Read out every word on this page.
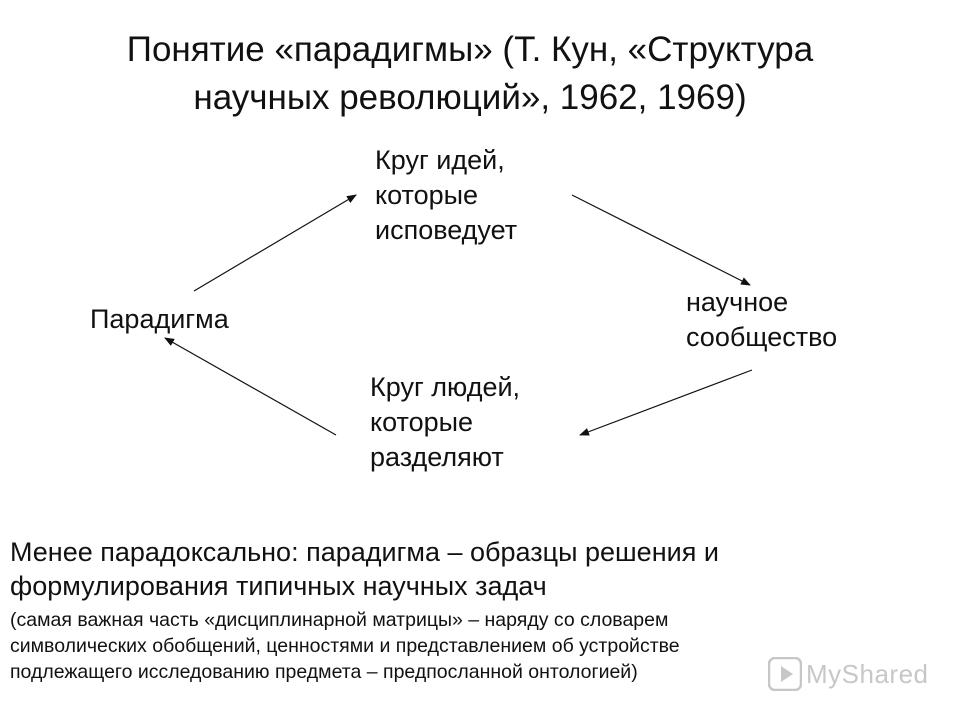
Понятие «парадигмы» (Т. Кун, «Структура
научных революций», 1962, 1969)
Круг идей,
которые
исповедует
Парадигма
научное
сообщество
Круг людей,
которые
разделяют

Менее парадоксально: парадигма – образцы решения и
формулирования типичных научных задач

(самая важная часть «дисциплинарной матрицы» – наряду со словарем
символических обобщений, ценностями и представлением об устройстве
подлежащего исследованию предмета – предпосланной онтологией)	MyShared
